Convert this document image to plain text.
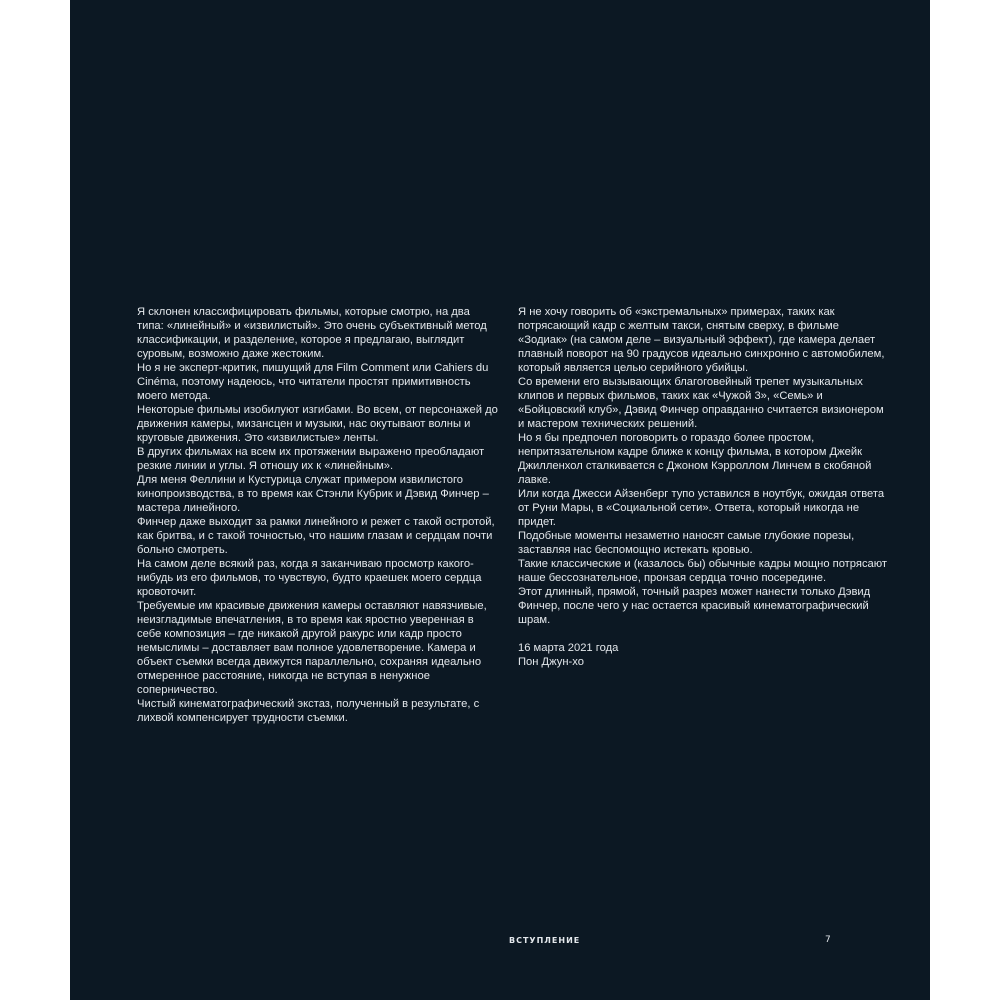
Я склонен классифицировать фильмы, которые смотрю, на два типа: «линейный» и «извилистый». Это очень субъективный метод классификации, и разделение, которое я предлагаю, выглядит суровым, возможно даже жестоким.

Но я не эксперт-критик, пишущий для Film Comment или Cahiers du Cinéma, поэтому надеюсь, что читатели простят примитивность моего метода.

Некоторые фильмы изобилуют изгибами. Во всем, от персонажей до движения камеры, мизансцен и музыки, нас окутывают волны и круговые движения. Это «извилистые» ленты.

В других фильмах на всем их протяжении выражено преобладают резкие линии и углы. Я отношу их к «линейным».

Для меня Феллини и Кустурица служат примером извилистого кинопроизводства, в то время как Стэнли Кубрик и Дэвид Финчер – мастера линейного.

Финчер даже выходит за рамки линейного и режет с такой остротой, как бритва, и с такой точностью, что нашим глазам и сердцам почти больно смотреть.

На самом деле всякий раз, когда я заканчиваю просмотр какого-нибудь из его фильмов, то чувствую, будто краешек моего сердца кровоточит.

Требуемые им красивые движения камеры оставляют навязчивые, неизгладимые впечатления, в то время как яростно уверенная в себе композиция – где никакой другой ракурс или кадр просто немыслимы – доставляет вам полное удовлетворение. Камера и объект съемки всегда движутся параллельно, сохраняя идеально отмеренное расстояние, никогда не вступая в ненужное соперничество.

Чистый кинематографический экстаз, полученный в результате, с лихвой компенсирует трудности съемки.

Я не хочу говорить об «экстремальных» примерах, таких как потрясающий кадр с желтым такси, снятым сверху, в фильме «Зодиак» (на самом деле – визуальный эффект), где камера делает плавный поворот на 90 градусов идеально синхронно с автомобилем, который является целью серийного убийцы.

Со времени его вызывающих благоговейный трепет музыкальных клипов и первых фильмов, таких как «Чужой 3», «Семь» и «Бойцовский клуб», Дэвид Финчер оправданно считается визионером и мастером технических решений.

Но я бы предпочел поговорить о гораздо более простом, непритязательном кадре ближе к концу фильма, в котором Джейк Джилленхол сталкивается с Джоном Кэрроллом Линчем в скобяной лавке.

Или когда Джесси Айзенберг тупо уставился в ноутбук, ожидая ответа от Руни Мары, в «Социальной сети». Ответа, который никогда не придет.

Подобные моменты незаметно наносят самые глубокие порезы, заставляя нас беспомощно истекать кровью.

Такие классические и (казалось бы) обычные кадры мощно потрясают наше бессознательное, пронзая сердца точно посередине.

Этот длинный, прямой, точный разрез может нанести только Дэвид Финчер, после чего у нас остается красивый кинематографический шрам.

16 марта 2021 года

Пон Джун-хо

ВСТУПЛЕНИЕ	7
